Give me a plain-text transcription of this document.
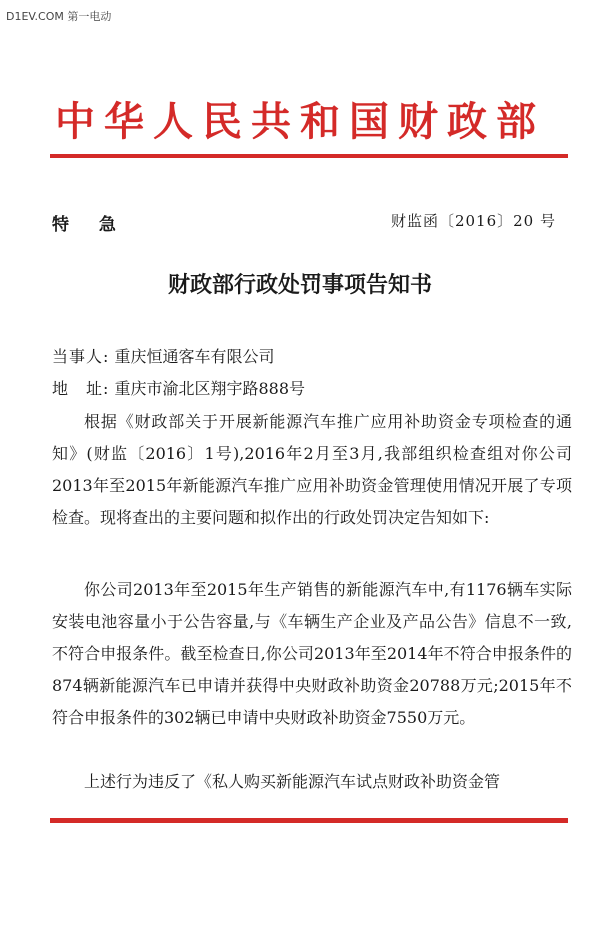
D1EV.COM 第一电动
中华人民共和国财政部
特 急	财监函〔2016〕20 号
财政部行政处罚事项告知书
当事人: 重庆恒通客车有限公司
地　址: 重庆市渝北区翔宇路888号

根据《财政部关于开展新能源汽车推广应用补助资金专项检查的通知》(财监〔2016〕1号),2016年2月至3月,我部组织检查组对你公司2013年至2015年新能源汽车推广应用补助资金管理使用情况开展了专项检查。现将查出的主要问题和拟作出的行政处罚决定告知如下:

你公司2013年至2015年生产销售的新能源汽车中,有1176辆车实际安装电池容量小于公告容量,与《车辆生产企业及产品公告》信息不一致,不符合申报条件。截至检查日,你公司2013年至2014年不符合申报条件的874辆新能源汽车已申请并获得中央财政补助资金20788万元;2015年不符合申报条件的302辆已申请中央财政补助资金7550万元。

上述行为违反了《私人购买新能源汽车试点财政补助资金管
